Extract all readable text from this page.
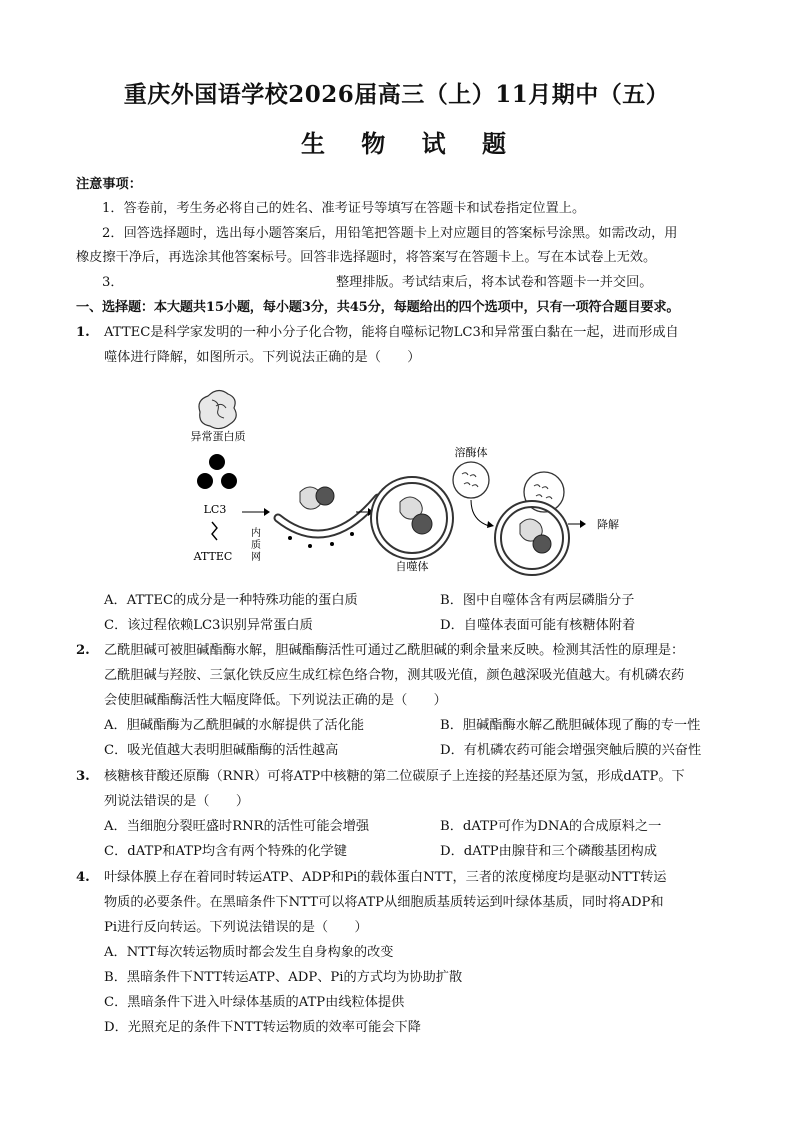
重庆外国语学校2026届高三（上）11月期中（五）
生 物 试 题
注意事项：
1．答卷前，考生务必将自己的姓名、准考证号等填写在答题卡和试卷指定位置上。
2．回答选择题时，选出每小题答案后，用铅笔把答题卡上对应题目的答案标号涂黑。如需改动，用
橡皮擦干净后，再选涂其他答案标号。回答非选择题时，将答案写在答题卡上。写在本试卷上无效。
3．	整理排版。考试结束后，将本试卷和答题卡一并交回。
一、选择题：本大题共15小题，每小题3分，共45分，每题给出的四个选项中，只有一项符合题目要求。
1. ATTEC是科学家发明的一种小分子化合物，能将自噬标记物LC3和异常蛋白黏在一起，进而形成自
噬体进行降解，如图所示。下列说法正确的是（　　）
异常蛋白质
LC3
ATTEC
内
质
网
自噬体
溶酶体
降解
A．ATTEC的成分是一种特殊功能的蛋白质	B．图中自噬体含有两层磷脂分子
C．该过程依赖LC3识别异常蛋白质	D．自噬体表面可能有核糖体附着
2. 乙酰胆碱可被胆碱酯酶水解，胆碱酯酶活性可通过乙酰胆碱的剩余量来反映。检测其活性的原理是：
乙酰胆碱与羟胺、三氯化铁反应生成红棕色络合物，测其吸光值，颜色越深吸光值越大。有机磷农药
会使胆碱酯酶活性大幅度降低。下列说法正确的是（　　）
A．胆碱酯酶为乙酰胆碱的水解提供了活化能	B．胆碱酯酶水解乙酰胆碱体现了酶的专一性
C．吸光值越大表明胆碱酯酶的活性越高	D．有机磷农药可能会增强突触后膜的兴奋性
3. 核糖核苷酸还原酶（RNR）可将ATP中核糖的第二位碳原子上连接的羟基还原为氢，形成dATP。下
列说法错误的是（　　）
A．当细胞分裂旺盛时RNR的活性可能会增强	B．dATP可作为DNA的合成原料之一
C．dATP和ATP均含有两个特殊的化学键	D．dATP由腺苷和三个磷酸基团构成
4. 叶绿体膜上存在着同时转运ATP、ADP和Pi的载体蛋白NTT，三者的浓度梯度均是驱动NTT转运
物质的必要条件。在黑暗条件下NTT可以将ATP从细胞质基质转运到叶绿体基质，同时将ADP和
Pi进行反向转运。下列说法错误的是（　　）
A．NTT每次转运物质时都会发生自身构象的改变
B．黑暗条件下NTT转运ATP、ADP、Pi的方式均为协助扩散
C．黑暗条件下进入叶绿体基质的ATP由线粒体提供
D．光照充足的条件下NTT转运物质的效率可能会下降
